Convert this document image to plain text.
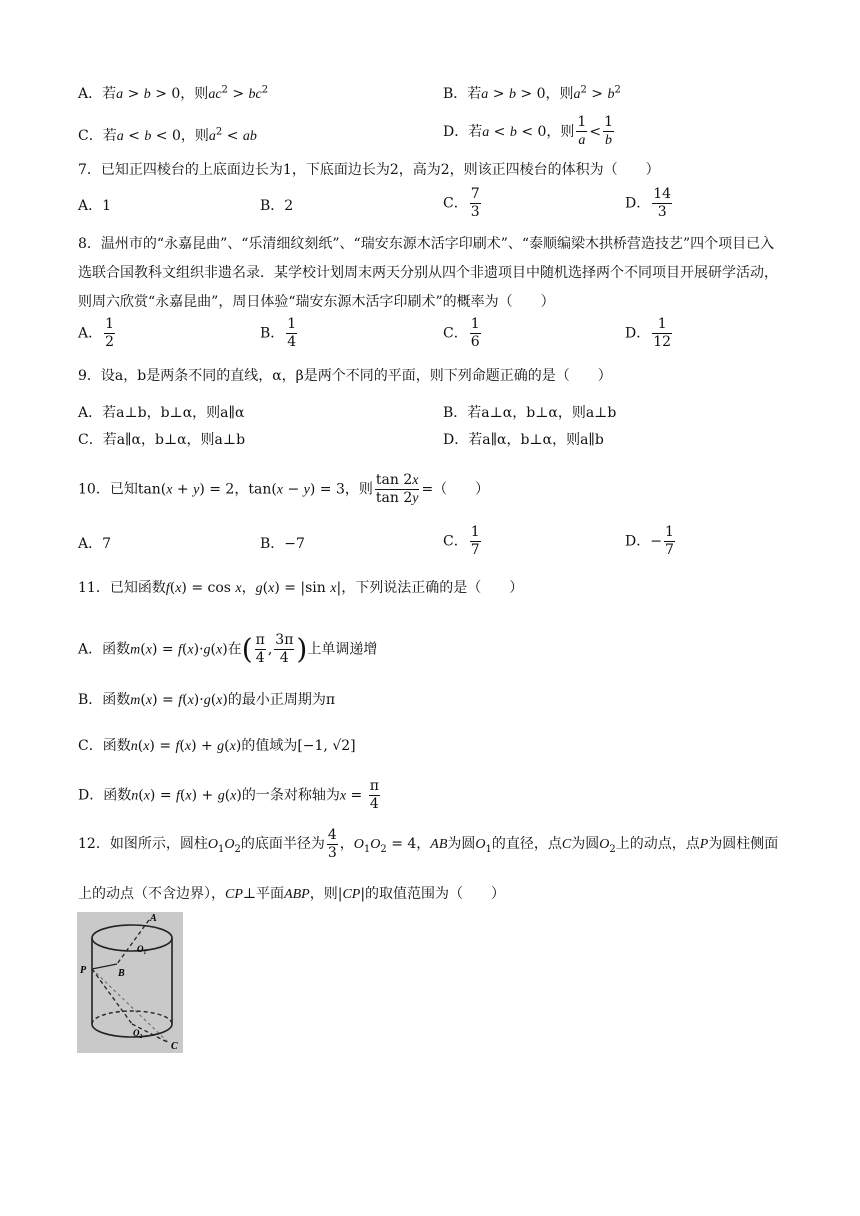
A．若a > b > 0，则$ac^2 > bc^2$	B．若a > b > 0，则$a^2 > b^2$
C．若a < b < 0，则$a^2$ < ab	D．若a < b < 0，则 $\frac{1}{a} < \frac{1}{b}$
7．已知正四棱台的上底面边长为1，下底面边长为2，高为2，则该正四棱台的体积为（　　）
A．1	B．2	C． $\frac{7}{3}$	D． $\frac{14}{3}$
8．温州市的“永嘉昆曲”、“乐清细纹刻纸”、“瑞安东源木活字印刷术”、“泰顺编梁木拱桥营造技艺”四个项目已入选联合国教科文组织非遗名录．某学校计划周末两天分别从四个非遗项目中随机选择两个不同项目开展研学活动，则周六欣赏“永嘉昆曲”，周日体验“瑞安东源木活字印刷术”的概率为（　　）
A． $\frac{1}{2}$	B． $\frac{1}{4}$	C． $\frac{1}{6}$	D． $\frac{1}{12}$
9．设a，b是两条不同的直线，α，β是两个不同的平面，则下列命题正确的是（　　）
A．若a⊥b，b⊥α，则a∥α	B．若a⊥α，b⊥α，则a⊥b
C．若a∥α，b⊥α，则a⊥b	D．若a∥α，b⊥α，则a∥b
10．已知tan(x + y) = 2，tan(x − y) = 3，则 $\frac{\tan 2x}{\tan 2y}$ =（　　）
A．7	B．−7	C． $\frac{1}{7}$	D．− $\frac{1}{7}$
11．已知函数f(x) = cos x，g(x) = |sin x|，下列说法正确的是（　　）
A．函数m(x) = f(x)·g(x)在( $\frac{\pi}{4}$ , $\frac{3\pi}{4}$ )上单调递增
B．函数m(x) = f(x)·g(x)的最小正周期为π
C．函数n(x) = f(x) + g(x)的值域为[−1, √2]
D．函数n(x) = f(x) + g(x)的一条对称轴为$x = \frac{\pi}{4}$
12．如图所示，圆柱$O_1O_2$的底面半径为 $\frac{4}{3}$ ，$O_1O_2 = 4$，AB为圆$O_1$的直径，点C为圆$O_2$上的动点，点P为圆柱侧面上的动点（不含边界），CP⊥平面ABP，则|CP|的取值范围为（　　）
A
O₁
P	B
O₂
C
